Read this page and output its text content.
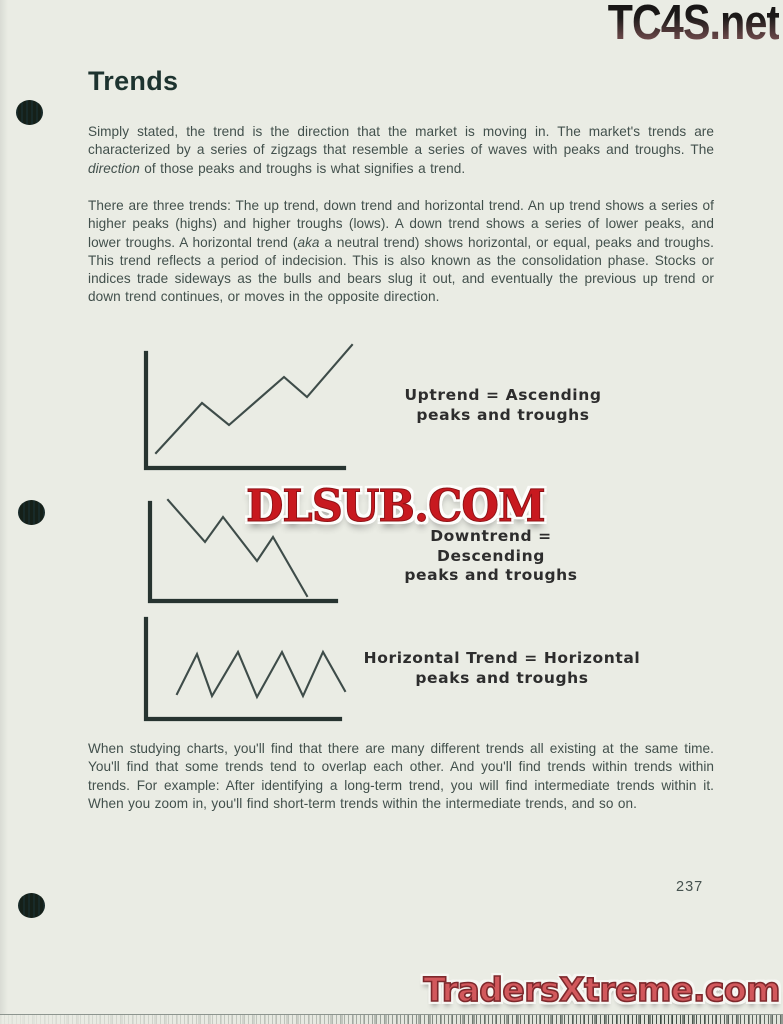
TC4S.net
Trends

Simply stated, the trend is the direction that the market is moving in. The market's trends are characterized by a series of zigzags that resemble a series of waves with peaks and troughs. The direction of those peaks and troughs is what signifies a trend.

There are three trends: The up trend, down trend and horizontal trend. An up trend shows a series of higher peaks (highs) and higher troughs (lows). A down trend shows a series of lower peaks, and lower troughs. A horizontal trend (aka a neutral trend) shows horizontal, or equal, peaks and troughs. This trend reflects a period of indecision. This is also known as the consolidation phase. Stocks or indices trade sideways as the bulls and bears slug it out, and eventually the previous up trend or down trend continues, or moves in the opposite direction.

Uptrend = Ascending
peaks and troughs
Downtrend = Descending
peaks and troughs
Horizontal Trend = Horizontal
peaks and troughs
DLSUB.COM

When studying charts, you'll find that there are many different trends all existing at the same time. You'll find that some trends tend to overlap each other. And you'll find trends within trends within trends. For example: After identifying a long-term trend, you will find intermediate trends within it. When you zoom in, you'll find short-term trends within the intermediate trends, and so on.

237
TradersXtreme.com
